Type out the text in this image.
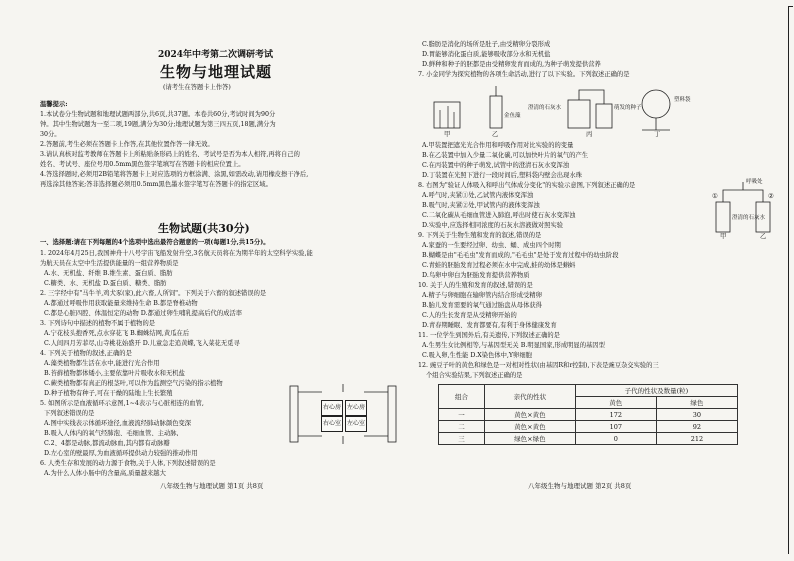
2024年中考第二次调研考试
生物与地理试题
(请考生在答题卡上作答)
温馨提示:
1.本试卷分生物试题和地理试题两部分,共6页,共37题。本卷共60分,考试时间为90分
钟。其中生物试题为一至二项,19题,满分为30分;地理试题为第三四五页,18题,满分为
30分。
2.答题前,考生必须在答题卡上作答,在其他位置作答一律无效。
3.请认真核对监考教师在答题卡上所粘贴条形码上的姓名、考试号是否为本人相符,再将自己的
姓名、考试号、座位号用0.5mm黑色签字笔填写在答题卡的相应位置上。
4.答选择题时,必须用2B铅笔将答题卡上对应选项的方框涂满、涂黑,如需改动,请用橡皮擦干净后,
再选涂其他答案;答非选择题必须用0.5mm黑色墨水签字笔写在答题卡的指定区域。
生物试题(共30分)
一、选择题:请在下列每题的4个选项中选出最符合题意的一项(每题1分,共15分)。
1. 2024年4月25日,我国神舟十八号宇宙飞船发射升空,3名航天员将在为期半年的太空科学实验,能
为航天员在太空中生活提供能量的一组营养物质是
A.水、无机盐、纤维 B.维生素、蛋白质、脂肪
C.糖类、水、无机盐 D.蛋白质、糖类、脂肪
2. 三字经中有"马牛羊,鸡犬豕(家),此六畜,人所饲"。下列关于六畜的叙述错误的是
A.都通过呼吸作用获取能量来维持生命 B.都是脊椎动物
C.都是心脏四腔、体温恒定的动物 D.都通过卵生哺乳提高后代的成活率
3. 下列诗句中描述的植物不属于植物的是
A.宁花枝头抱香死,点水穿花飞 B.蜘蛛结网,黄瓜在后
C.人间四月芳菲尽,山寺桃花始盛开 D.儿童急走追黄蝶,飞入菜花无觅寻
4. 下列关于植物的叙述,正确的是
A.藻类植物都生活在水中,能进行光合作用
B.苔藓植物都体矮小,主要依靠叶片吸收水和无机盐
C.蕨类植物都有真正的根茎叶,可以作为监测空气污染的指示植物
D.种子植物有种子,可在干燥的陆地上生长繁殖
5. 如图所示是血液循环示意图,1~4表示与心脏相连的血管,
下列叙述错误的是
A.图中实线表示体循环途径,血液流经肺动脉颜色变深
B.吸入人体内的氧气经肺泡、毛细血管、主动脉,
C.2、4都是动脉,都流动脉血,其内都有动脉瓣
D.左心室的壁最厚,为血液循环提供动力较强的推动作用
6. 人类生存和发展的动力源于食物,关于人体,下列叙述错误的是
A.为什么人体小肠中的含量高,质量越来越大
右心房 左心房
右心室 左心室
八年级生物与地理试题 第1页 共8页
C.脂肪是消化的场所是肚子,由受精卵分裂形成
D.胃能够消化蛋白质,能够吸收部分水和无机盐
D.鲜种和种子的胚都是由受精卵发育而成的,为种子萌发提供营养
7. 小金同学为探究植物的各项生命活动,进行了以下实验。下列叙述正确的是
甲	乙	丙	丁
澄清的石灰水	萌发的种子
金鱼藻
塑料袋
A.甲装置把遮光光合作用和呼吸作用对比实验的的变量
B.在乙装置中加入少量二氧化碳,可以加快叶片的氧气的产生
C.在丙装置中的种子萌发,试管中的澄清石灰水变浑浊
D.丁装置在光照下进行一段时间后,塑料袋内壁会出现水珠
8. 右图为"验证人体吸入和呼出气体成分变化"的实验示意图,下列叙述正确的是
A.呼气时,夹紧①处,乙试管内液体变浑浊
B.吸气时,夹紧②处,甲试管内的液体变浑浊
C.二氧化碳从毛细血管进入肺泡,呼出时使石灰水变浑浊
D.实验中,应选择相同浓度的石灰水溶液做对照实验
呼吸处
澄清的石灰水
甲	乙
①	②
9. 下列关于生物生殖和发育的叙述,错误的是
A.家蚕的一生要经过卵、幼虫、蛹、成虫四个时期
B.蝴蝶是由"毛毛虫"发育而成的,"毛毛虫"是处于发育过程中的幼虫阶段
C.青蛙的胚胎发育过程必须在水中完成,蛙的幼体是蝌蚪
D.鸟卵中卵白为胚胎发育提供营养物质
10. 关于人的生殖和发育的叙述,错误的是
A.精子与卵细胞在输卵管内结合形成受精卵
B.胎儿发育需要的氧气通过胎盘从母体获得
C.人的生长发育是从受精卵开始的
D.青春期睡眠、发育都要有,有利于身体健康发育
11. 一位学生到国外后,有关遗传,下列叙述正确的是
A.生男生女比例相等,与基因型无关 B.明显国家,形成明显的基因型
C.吸入卵,生性能 D.X染色体中,Y卵细胞
12. 豌豆子叶的黄色和绿色是一对相对性状(由基因R和r控制),下表是豌豆杂交实验的三
个组合实验结果,下列叙述正确的是
组合	亲代的性状	子代的性状及数量(粒)	
		黄色	绿色
一	黄色×黄色	172	30
二	黄色×黄色	107	92
三	绿色×绿色	0	212
八年级生物与地理试题 第2页 共8页
